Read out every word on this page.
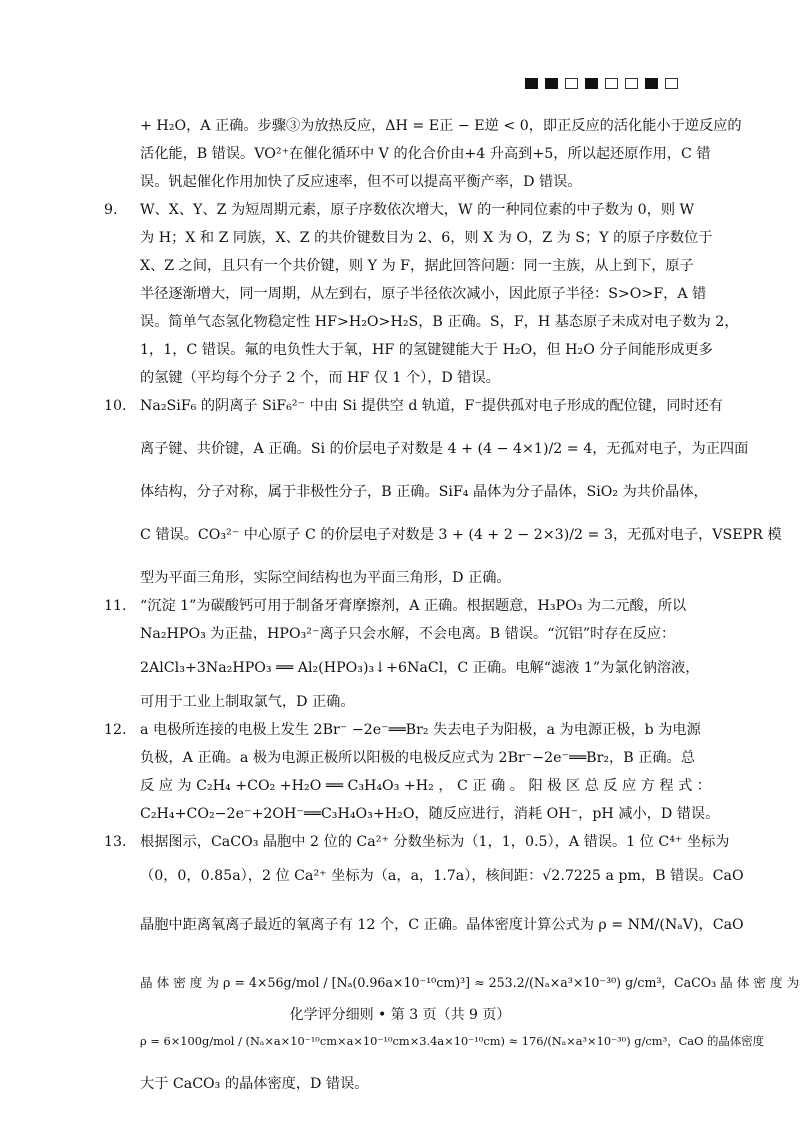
+ H₂O，A 正确。步骤③为放热反应，ΔH = E正 − E逆 < 0，即正反应的活化能小于逆反应的
活化能，B 错误。VO²⁺在催化循环中 V 的化合价由+4 升高到+5，所以起还原作用，C 错
误。钒起催化作用加快了反应速率，但不可以提高平衡产率，D 错误。
9. W、X、Y、Z 为短周期元素，原子序数依次增大，W 的一种同位素的中子数为 0，则 W
为 H；X 和 Z 同族，X、Z 的共价键数目为 2、6，则 X 为 O，Z 为 S；Y 的原子序数位于
X、Z 之间，且只有一个共价键，则 Y 为 F，据此回答问题：同一主族，从上到下，原子
半径逐渐增大，同一周期，从左到右，原子半径依次减小，因此原子半径：S>O>F，A 错
误。简单气态氢化物稳定性 HF>H₂O>H₂S，B 正确。S，F，H 基态原子未成对电子数为 2，
1，1，C 错误。氟的电负性大于氧，HF 的氢键键能大于 H₂O，但 H₂O 分子间能形成更多
的氢键（平均每个分子 2 个，而 HF 仅 1 个），D 错误。
10. Na₂SiF₆ 的阴离子 SiF₆²⁻ 中由 Si 提供空 d 轨道，F⁻提供孤对电子形成的配位键，同时还有
离子键、共价键，A 正确。Si 的价层电子对数是 4 + (4 − 4×1)/2 = 4，无孤对电子，为正四面
体结构，分子对称，属于非极性分子，B 正确。SiF₄ 晶体为分子晶体，SiO₂ 为共价晶体，
C 错误。CO₃²⁻ 中心原子 C 的价层电子对数是 3 + (4 + 2 − 2×3)/2 = 3，无孤对电子，VSEPR 模
型为平面三角形，实际空间结构也为平面三角形，D 正确。
11. “沉淀 1”为碳酸钙可用于制备牙膏摩擦剂，A 正确。根据题意，H₃PO₃ 为二元酸，所以
Na₂HPO₃ 为正盐，HPO₃²⁻离子只会水解，不会电离。B 错误。“沉铝”时存在反应：
2AlCl₃+3Na₂HPO₃ ══ Al₂(HPO₃)₃↓+6NaCl，C 正确。电解“滤液 1”为氯化钠溶液，
可用于工业上制取氯气，D 正确。
12. a 电极所连接的电极上发生 2Br⁻ −2e⁻══Br₂ 失去电子为阳极，a 为电源正极，b 为电源
负极，A 正确。a 极为电源正极所以阳极的电极反应式为 2Br⁻−2e⁻══Br₂，B 正确。总
反 应 为 C₂H₄ +CO₂ +H₂O ══ C₃H₄O₃ +H₂ ， C 正 确 。 阳 极 区 总 反 应 方 程 式 ：
C₂H₄+CO₂−2e⁻+2OH⁻══C₃H₄O₃+H₂O，随反应进行，消耗 OH⁻，pH 减小，D 错误。
13. 根据图示，CaCO₃ 晶胞中 2 位的 Ca²⁺ 分数坐标为（1，1，0.5），A 错误。1 位 C⁴⁺ 坐标为
（0，0，0.85a），2 位 Ca²⁺ 坐标为（a，a，1.7a），核间距：√2.7225 a pm，B 错误。CaO
晶胞中距离氧离子最近的氧离子有 12 个，C 正确。晶体密度计算公式为 ρ = NM/(NₐV)，CaO
晶 体 密 度 为 ρ = 4×56g/mol / [Nₐ(0.96a×10⁻¹⁰cm)³] ≈ 253.2/(Nₐ×a³×10⁻³⁰) g/cm³，CaCO₃ 晶 体 密 度 为
ρ = 6×100g/mol / (Nₐ×a×10⁻¹⁰cm×a×10⁻¹⁰cm×3.4a×10⁻¹⁰cm) ≈ 176/(Nₐ×a³×10⁻³⁰) g/cm³，CaO 的晶体密度
大于 CaCO₃ 的晶体密度，D 错误。
化学评分细则 • 第 3 页（共 9 页）
